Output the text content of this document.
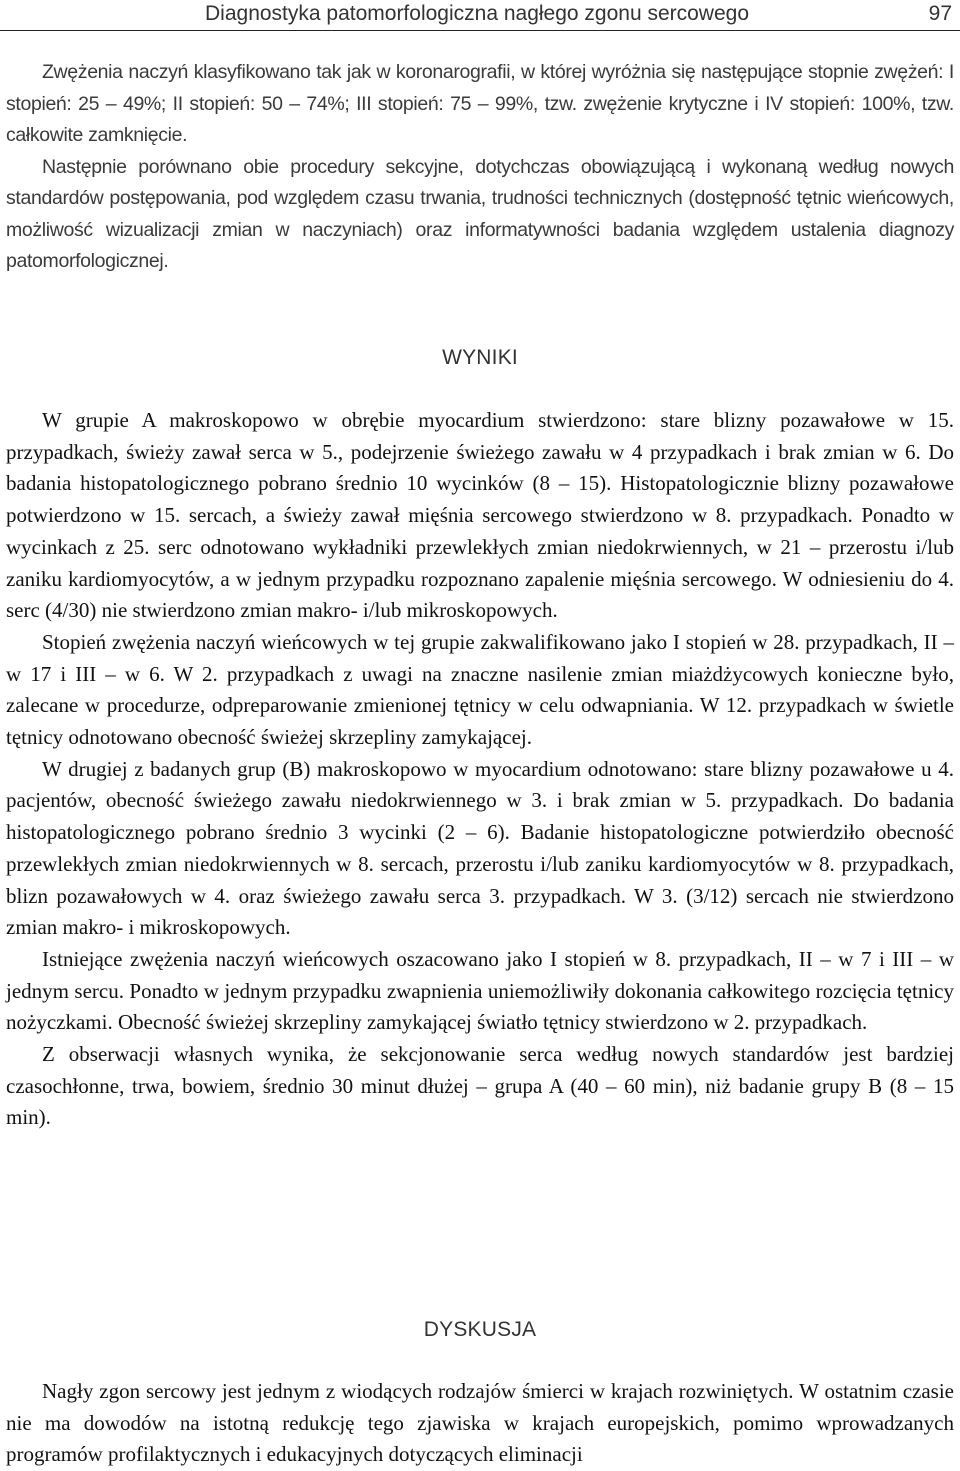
Diagnostyka patomorfologiczna nagłego zgonu sercowego	97

Zwężenia naczyń klasyfikowano tak jak w koronarografii, w której wyróżnia się następujące stopnie zwężeń: I stopień: 25 – 49%; II stopień: 50 – 74%; III stopień: 75 – 99%, tzw. zwężenie krytyczne i IV stopień: 100%, tzw. całkowite zamknięcie.

Następnie porównano obie procedury sekcyjne, dotychczas obowiązującą i wykonaną według nowych standardów postępowania, pod względem czasu trwania, trudności technicznych (dostępność tętnic wieńcowych, możliwość wizualizacji zmian w naczyniach) oraz informatywności badania względem ustalenia diagnozy patomorfologicznej.

WYNIKI

W grupie A makroskopowo w obrębie myocardium stwierdzono: stare blizny pozawałowe w 15. przypadkach, świeży zawał serca w 5., podejrzenie świeżego zawału w 4 przypadkach i brak zmian w 6. Do badania histopatologicznego pobrano średnio 10 wycinków (8 – 15). Histopatologicznie blizny pozawałowe potwierdzono w 15. sercach, a świeży zawał mięśnia sercowego stwierdzono w 8. przypadkach. Ponadto w wycinkach z 25. serc odnotowano wykładniki przewlekłych zmian niedokrwiennych, w 21 – przerostu i/lub zaniku kardiomyocytów, a w jednym przypadku rozpoznano zapalenie mięśnia sercowego. W odniesieniu do 4. serc (4/30) nie stwierdzono zmian makro- i/lub mikroskopowych.

Stopień zwężenia naczyń wieńcowych w tej grupie zakwalifikowano jako I stopień w 28. przypadkach, II – w 17 i III – w 6. W 2. przypadkach z uwagi na znaczne nasilenie zmian miażdżycowych konieczne było, zalecane w procedurze, odpreparowanie zmienionej tętnicy w celu odwapniania. W 12. przypadkach w świetle tętnicy odnotowano obecność świeżej skrzepliny zamykającej.

W drugiej z badanych grup (B) makroskopowo w myocardium odnotowano: stare blizny pozawałowe u 4. pacjentów, obecność świeżego zawału niedokrwiennego w 3. i brak zmian w 5. przypadkach. Do badania histopatologicznego pobrano średnio 3 wycinki (2 – 6). Badanie histopatologiczne potwierdziło obecność przewlekłych zmian niedokrwiennych w 8. sercach, przerostu i/lub zaniku kardiomyocytów w 8. przypadkach, blizn pozawałowych w 4. oraz świeżego zawału serca 3. przypadkach. W 3. (3/12) sercach nie stwierdzono zmian makro- i mikroskopowych.

Istniejące zwężenia naczyń wieńcowych oszacowano jako I stopień w 8. przypadkach, II – w 7 i III – w jednym sercu. Ponadto w jednym przypadku zwapnienia uniemożliwiły dokonania całkowitego rozcięcia tętnicy nożyczkami. Obecność świeżej skrzepliny zamykającej światło tętnicy stwierdzono w 2. przypadkach.

Z obserwacji własnych wynika, że sekcjonowanie serca według nowych standardów jest bardziej czasochłonne, trwa, bowiem, średnio 30 minut dłużej – grupa A (40 – 60 min), niż badanie grupy B (8 – 15 min).

DYSKUSJA

Nagły zgon sercowy jest jednym z wiodących rodzajów śmierci w krajach rozwiniętych. W ostatnim czasie nie ma dowodów na istotną redukcję tego zjawiska w krajach europejskich, pomimo wprowadzanych programów profilaktycznych i edukacyjnych dotyczących eliminacji
